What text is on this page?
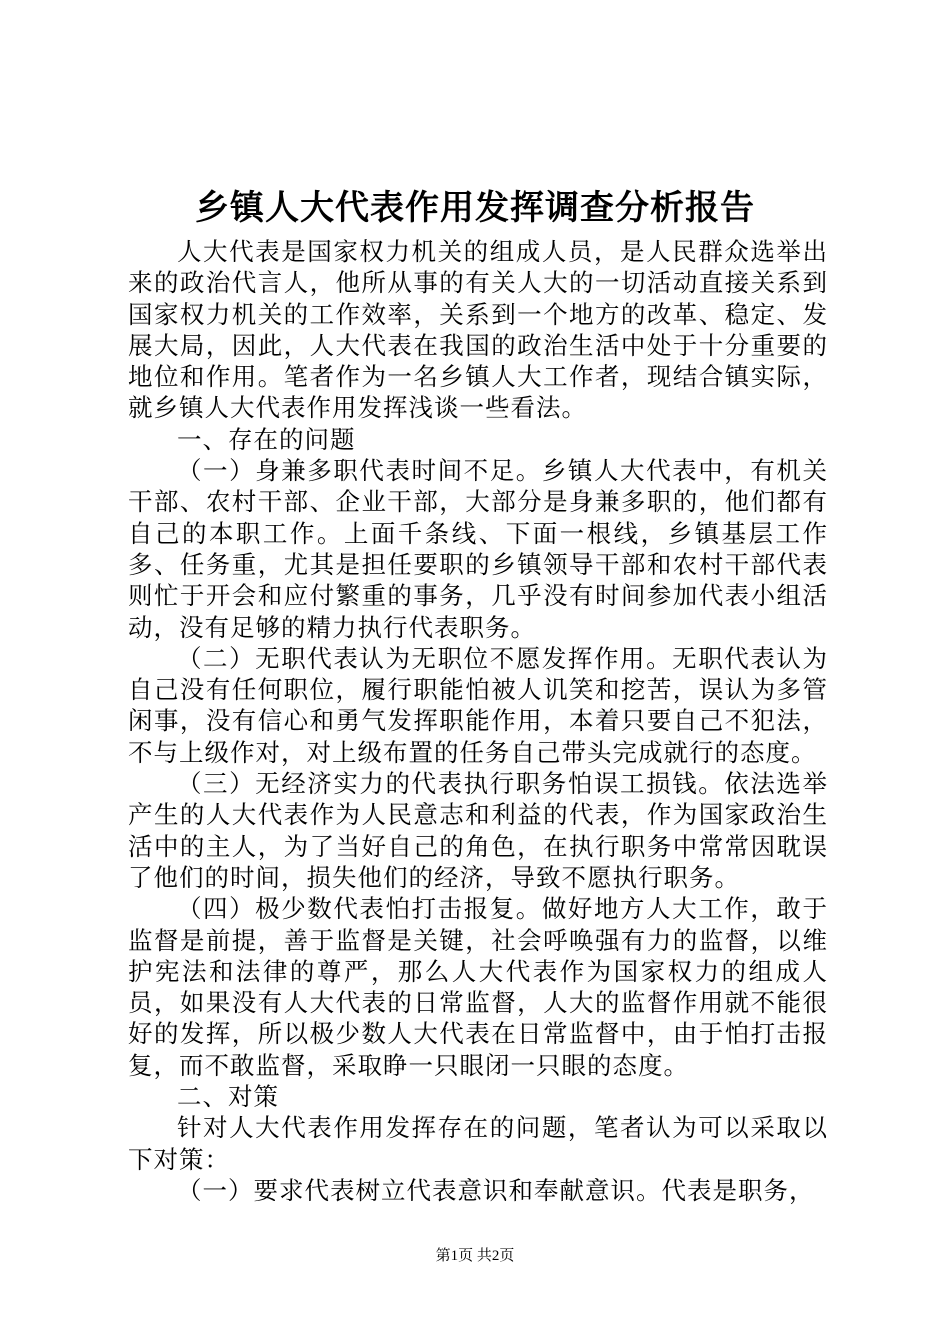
乡镇人大代表作用发挥调查分析报告

人大代表是国家权力机关的组成人员，是人民群众选举出来的政治代言人，他所从事的有关人大的一切活动直接关系到国家权力机关的工作效率，关系到一个地方的改革、稳定、发展大局，因此，人大代表在我国的政治生活中处于十分重要的地位和作用。笔者作为一名乡镇人大工作者，现结合镇实际，就乡镇人大代表作用发挥浅谈一些看法。

一、存在的问题

（一）身兼多职代表时间不足。乡镇人大代表中，有机关干部、农村干部、企业干部，大部分是身兼多职的，他们都有自己的本职工作。上面千条线、下面一根线，乡镇基层工作多、任务重，尤其是担任要职的乡镇领导干部和农村干部代表则忙于开会和应付繁重的事务，几乎没有时间参加代表小组活动，没有足够的精力执行代表职务。

（二）无职代表认为无职位不愿发挥作用。无职代表认为自己没有任何职位，履行职能怕被人讥笑和挖苦，误认为多管闲事，没有信心和勇气发挥职能作用，本着只要自己不犯法，不与上级作对，对上级布置的任务自己带头完成就行的态度。

（三）无经济实力的代表执行职务怕误工损钱。依法选举产生的人大代表作为人民意志和利益的代表，作为国家政治生活中的主人，为了当好自己的角色，在执行职务中常常因耽误了他们的时间，损失他们的经济，导致不愿执行职务。

（四）极少数代表怕打击报复。做好地方人大工作，敢于监督是前提，善于监督是关键，社会呼唤强有力的监督，以维护宪法和法律的尊严，那么人大代表作为国家权力的组成人员，如果没有人大代表的日常监督，人大的监督作用就不能很好的发挥，所以极少数人大代表在日常监督中，由于怕打击报复，而不敢监督，采取睁一只眼闭一只眼的态度。

二、对策

针对人大代表作用发挥存在的问题，笔者认为可以采取以下对策：

（一）要求代表树立代表意识和奉献意识。代表是职务，

第1页 共2页
